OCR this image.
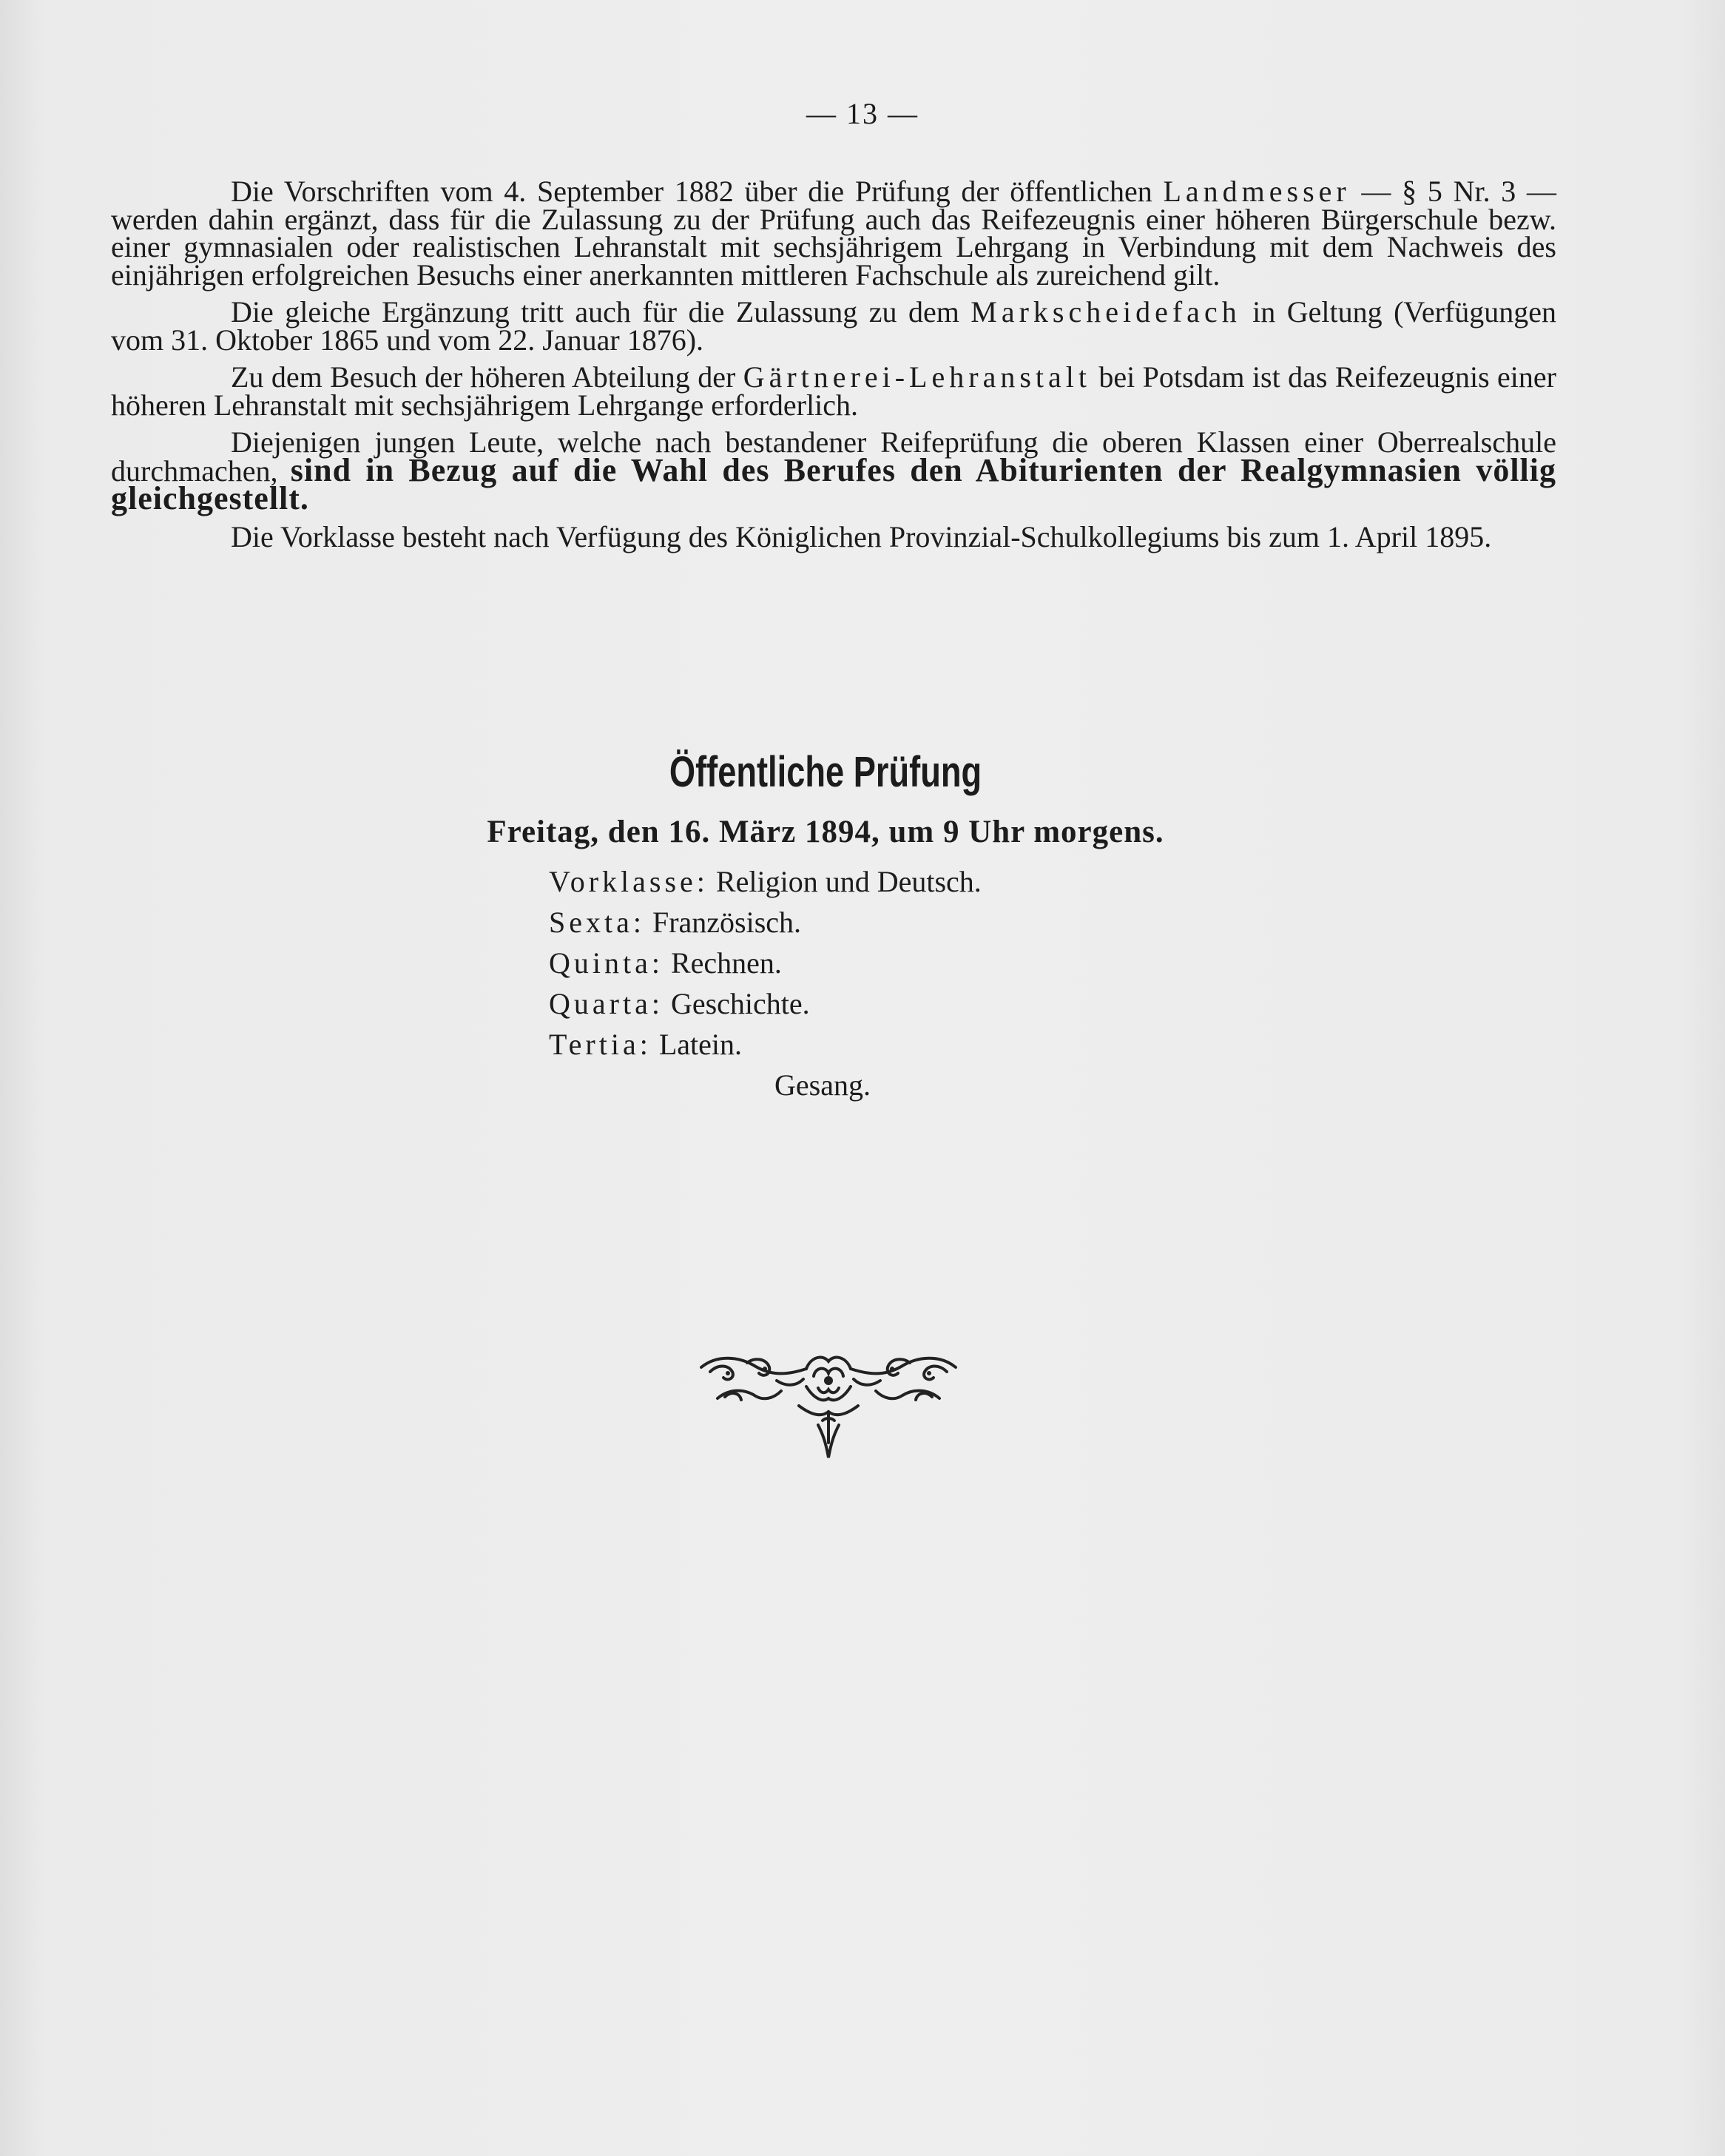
— 13 —

Die Vorschriften vom 4. September 1882 über die Prüfung der öffentlichen Landmesser — § 5 Nr. 3 — werden dahin ergänzt, dass für die Zulassung zu der Prüfung auch das Reifezeugnis einer höheren Bürgerschule bezw. einer gymnasialen oder realistischen Lehranstalt mit sechsjährigem Lehrgang in Verbindung mit dem Nachweis des einjährigen erfolgreichen Besuchs einer anerkannten mittleren Fachschule als zureichend gilt.

Die gleiche Ergänzung tritt auch für die Zulassung zu dem Markscheidefach in Geltung (Verfügungen vom 31. Oktober 1865 und vom 22. Januar 1876).

Zu dem Besuch der höheren Abteilung der Gärtnerei-Lehranstalt bei Potsdam ist das Reifezeugnis einer höheren Lehranstalt mit sechsjährigem Lehrgange erforderlich.

Diejenigen jungen Leute, welche nach bestandener Reifeprüfung die oberen Klassen einer Oberrealschule durchmachen, sind in Bezug auf die Wahl des Berufes den Abiturienten der Realgymnasien völlig gleichgestellt.

Die Vorklasse besteht nach Verfügung des Königlichen Provinzial-Schulkollegiums bis zum 1. April 1895.

Öffentliche Prüfung
Freitag, den 16. März 1894, um 9 Uhr morgens.
Vorklasse: Religion und Deutsch.
Sexta: Französisch.
Quinta: Rechnen.
Quarta: Geschichte.
Tertia: Latein.
Gesang.
